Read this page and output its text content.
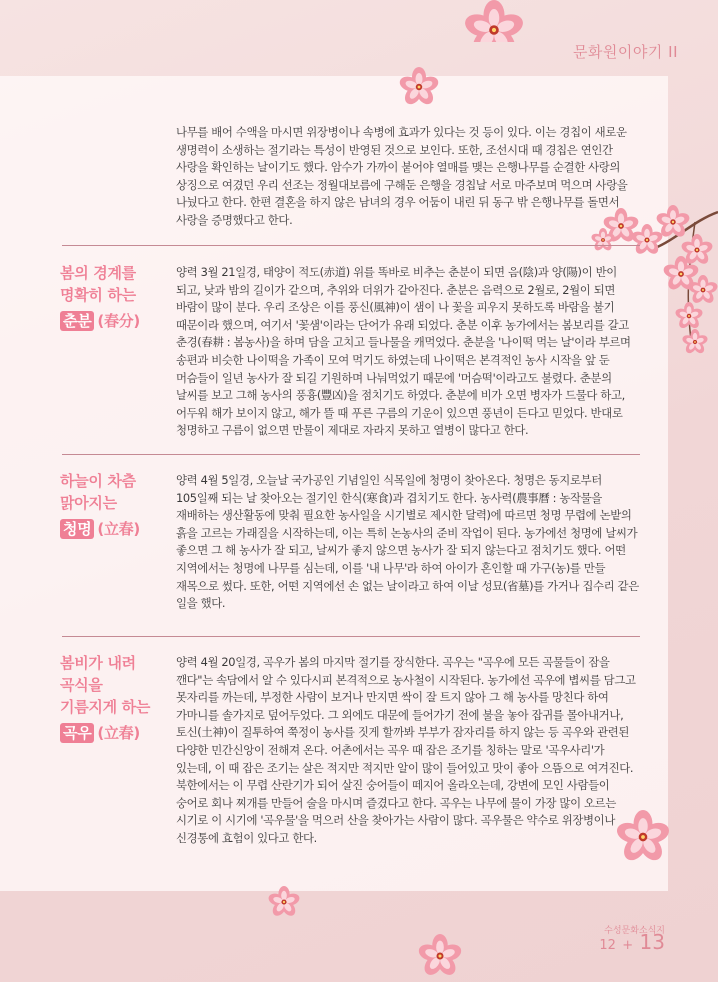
문화원이야기 II

나무를 배어 수액을 마시면 위장병이나 속병에 효과가 있다는 것 등이 있다. 이는 경칩이 새로운 생명력이 소생하는 절기라는 특성이 반영된 것으로 보인다. 또한, 조선시대 때 경칩은 연인간 사랑을 확인하는 날이기도 했다. 암수가 가까이 붙어야 열매를 맺는 은행나무를 순결한 사랑의 상징으로 여겼던 우리 선조는 정월대보름에 구해둔 은행을 경칩날 서로 마주보며 먹으며 사랑을 나눴다고 한다. 한편 결혼을 하지 않은 남녀의 경우 어둠이 내린 뒤 동구 밖 은행나무를 돌면서 사랑을 증명했다고 한다.

봄의 경계를
명확히 하는
춘분 (春分)

양력 3월 21일경, 태양이 적도(赤道) 위를 똑바로 비추는 춘분이 되면 음(陰)과 양(陽)이 반이 되고, 낮과 밤의 길이가 같으며, 추위와 더위가 같아진다. 춘분은 음력으로 2월로, 2월이 되면 바람이 많이 분다. 우리 조상은 이를 풍신(風神)이 샘이 나 꽃을 피우지 못하도록 바람을 불기 때문이라 했으며, 여기서 '꽃샘'이라는 단어가 유래 되었다. 춘분 이후 농가에서는 봄보리를 갈고 춘경(春耕 : 봄농사)을 하며 담을 고치고 들나물을 캐먹었다. 춘분을 '나이떡 먹는 날'이라 부르며 송편과 비슷한 나이떡을 가족이 모여 먹기도 하였는데 나이떡은 본격적인 농사 시작을 앞 둔 머슴들이 일년 농사가 잘 되길 기원하며 나눠먹었기 때문에 '머슴떡'이라고도 불렸다. 춘분의 날씨를 보고 그해 농사의 풍흉(豐凶)을 점치기도 하였다. 춘분에 비가 오면 병자가 드물다 하고, 어두워 해가 보이지 않고, 해가 뜰 때 푸른 구름의 기운이 있으면 풍년이 든다고 믿었다. 반대로 청명하고 구름이 없으면 만물이 제대로 자라지 못하고 열병이 많다고 한다.

하늘이 차츰
맑아지는
청명 (立春)

양력 4월 5일경, 오늘날 국가공인 기념일인 식목일에 청명이 찾아온다. 청명은 동지로부터 105일째 되는 날 찾아오는 절기인 한식(寒食)과 겹치기도 한다. 농사력(農事曆 : 농작물을 재배하는 생산활동에 맞춰 필요한 농사일을 시기별로 제시한 달력)에 따르면 청명 무렵에 논밭의 흙을 고르는 가래질을 시작하는데, 이는 특히 논농사의 준비 작업이 된다. 농가에선 청명에 날씨가 좋으면 그 해 농사가 잘 되고, 날씨가 좋지 않으면 농사가 잘 되지 않는다고 점치기도 했다. 어떤 지역에서는 청명에 나무를 심는데, 이를 '내 나무'라 하여 아이가 혼인할 때 가구(농)를 만들 재목으로 썼다. 또한, 어떤 지역에선 손 없는 날이라고 하여 이날 성묘(省墓)를 가거나 집수리 같은 일을 했다.

봄비가 내려
곡식을
기름지게 하는
곡우 (立春)

양력 4월 20일경, 곡우가 봄의 마지막 절기를 장식한다. 곡우는 "곡우에 모든 곡물들이 잠을 깬다"는 속담에서 알 수 있다시피 본격적으로 농사철이 시작된다. 농가에선 곡우에 볍씨를 담그고 못자리를 까는데, 부정한 사람이 보거나 만지면 싹이 잘 트지 않아 그 해 농사를 망친다 하여 가마니를 솔가지로 덮어두었다. 그 외에도 대문에 들어가기 전에 불을 놓아 잡귀를 몰아내거나, 토신(土神)이 질투하여 쭉정이 농사를 짓게 할까봐 부부가 잠자리를 하지 않는 등 곡우와 관련된 다양한 민간신앙이 전해져 온다. 어촌에서는 곡우 때 잡은 조기를 칭하는 말로 '곡우사리'가 있는데, 이 때 잡은 조기는 살은 적지만 적지만 알이 많이 들어있고 맛이 좋아 으뜸으로 여겨진다. 북한에서는 이 무렵 산란기가 되어 살진 숭어들이 떼지어 올라오는데, 강변에 모인 사람들이 숭어로 회나 찌개를 만들어 술을 마시며 즐겼다고 한다. 곡우는 나무에 물이 가장 많이 오르는 시기로 이 시기에 '곡우물'을 먹으러 산을 찾아가는 사람이 많다. 곡우물은 약수로 위장병이나 신경통에 효험이 있다고 한다.

수성문화소식지
12 + 13
